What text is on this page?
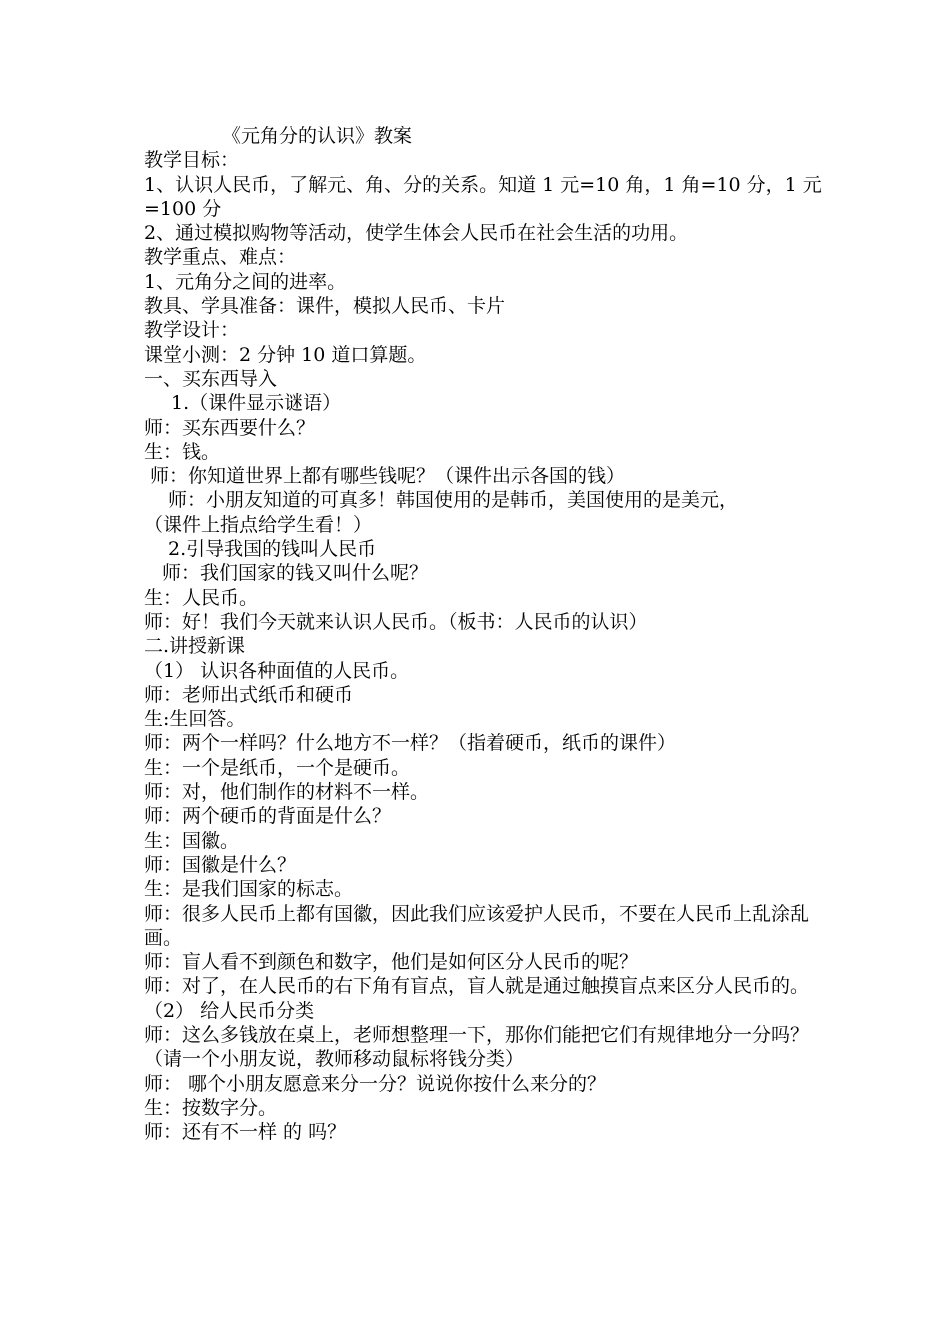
《元角分的认识》教案
教学目标：
1、认识人民币，了解元、角、分的关系。知道 1 元=10 角，1 角=10 分，1 元=100 分
2、通过模拟购物等活动，使学生体会人民币在社会生活的功用。
教学重点、难点：
1、元角分之间的进率。
教具、学具准备：课件，模拟人民币、卡片
教学设计：
课堂小测：2 分钟 10 道口算题。
一、买东西导入
1.（课件显示谜语）
师：买东西要什么？
生：钱。
师：你知道世界上都有哪些钱呢？（课件出示各国的钱）
师：小朋友知道的可真多！韩国使用的是韩币，美国使用的是美元，
（课件上指点给学生看！）
2.引导我国的钱叫人民币
师：我们国家的钱又叫什么呢？
生：人民币。
师：好！我们今天就来认识人民币。（板书：人民币的认识）
二.讲授新课
（1） 认识各种面值的人民币。
师：老师出式纸币和硬币
生:生回答。
师：两个一样吗？什么地方不一样？（指着硬币，纸币的课件）
生：一个是纸币，一个是硬币。
师：对，他们制作的材料不一样。
师：两个硬币的背面是什么？
生：国徽。
师：国徽是什么？
生：是我们国家的标志。
师：很多人民币上都有国徽，因此我们应该爱护人民币，不要在人民币上乱涂乱画。
师：盲人看不到颜色和数字，他们是如何区分人民币的呢？
师：对了，在人民币的右下角有盲点，盲人就是通过触摸盲点来区分人民币的。
（2） 给人民币分类
师：这么多钱放在桌上，老师想整理一下，那你们能把它们有规律地分一分吗？
（请一个小朋友说，教师移动鼠标将钱分类）
师： 哪个小朋友愿意来分一分？说说你按什么来分的？
生：按数字分。
师：还有不一样 的 吗？
